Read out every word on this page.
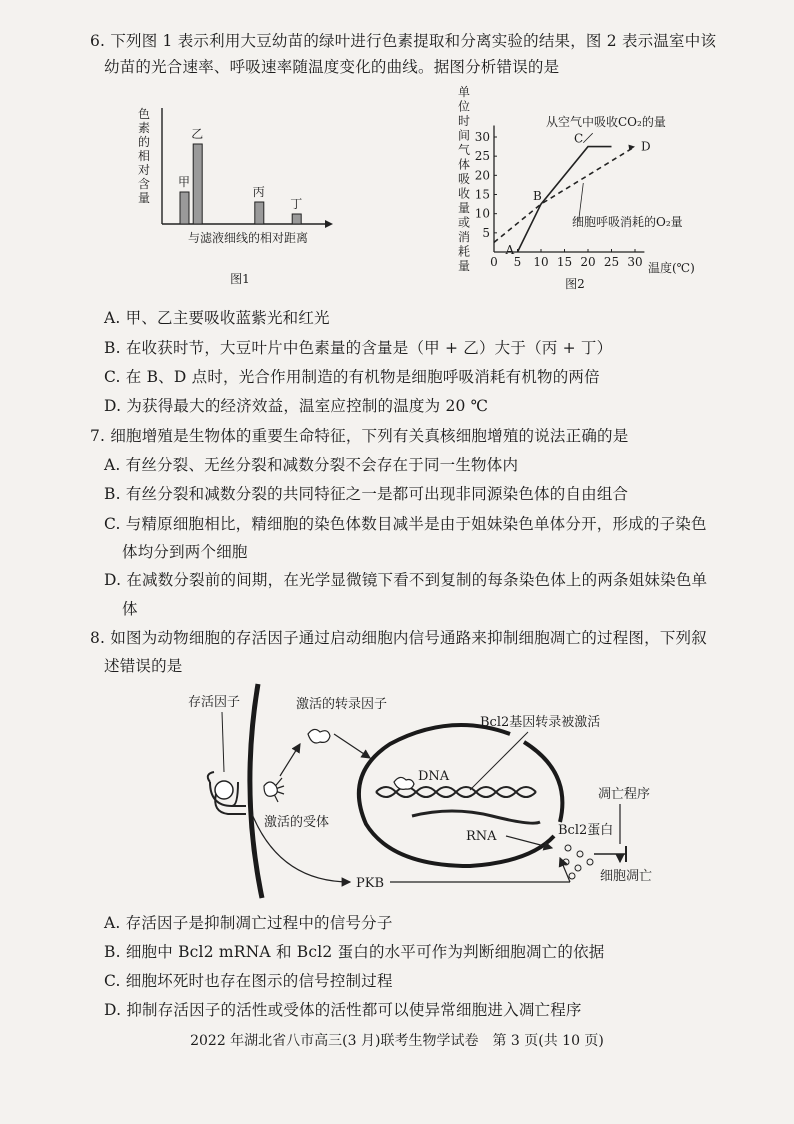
6. 下列图 1 表示利用大豆幼苗的绿叶进行色素提取和分离实验的结果，图 2 表示温室中该
幼苗的光合速率、呼吸速率随温度变化的曲线。据图分析错误的是
色
素
的
相
对
含
量
甲
乙
丙
丁
与滤液细线的相对距离
图1
单
位
时
间
气
体
吸
收
量
或
消
耗
量 0 5 10 15 20 25 30
5
10
15
20
25
30
A
B
C
D
从空气中吸收CO₂的量
细胞呼吸消耗的O₂量
温度(℃)
图2
A. 甲、乙主要吸收蓝紫光和红光
B. 在收获时节，大豆叶片中色素量的含量是（甲 + 乙）大于（丙 + 丁）
C. 在 B、D 点时，光合作用制造的有机物是细胞呼吸消耗有机物的两倍
D. 为获得最大的经济效益，温室应控制的温度为 20 ℃
7. 细胞增殖是生物体的重要生命特征，下列有关真核细胞增殖的说法正确的是
A. 有丝分裂、无丝分裂和减数分裂不会存在于同一生物体内
B. 有丝分裂和减数分裂的共同特征之一是都可出现非同源染色体的自由组合
C. 与精原细胞相比，精细胞的染色体数目减半是由于姐妹染色单体分开，形成的子染色
体均分到两个细胞
D. 在减数分裂前的间期，在光学显微镜下看不到复制的每条染色体上的两条姐妹染色单
体
8. 如图为动物细胞的存活因子通过启动细胞内信号通路来抑制细胞凋亡的过程图，下列叙
述错误的是
存活因子
激活的受体
激活的转录因子
DNA
Bcl2基因转录被激活
RNA	Bcl2蛋白
凋亡程序
细胞凋亡
PKB
A. 存活因子是抑制凋亡过程中的信号分子
B. 细胞中 Bcl2 mRNA 和 Bcl2 蛋白的水平可作为判断细胞凋亡的依据
C. 细胞坏死时也存在图示的信号控制过程
D. 抑制存活因子的活性或受体的活性都可以使异常细胞进入凋亡程序
2022 年湖北省八市高三(3 月)联考生物学试卷　第 3 页(共 10 页)
